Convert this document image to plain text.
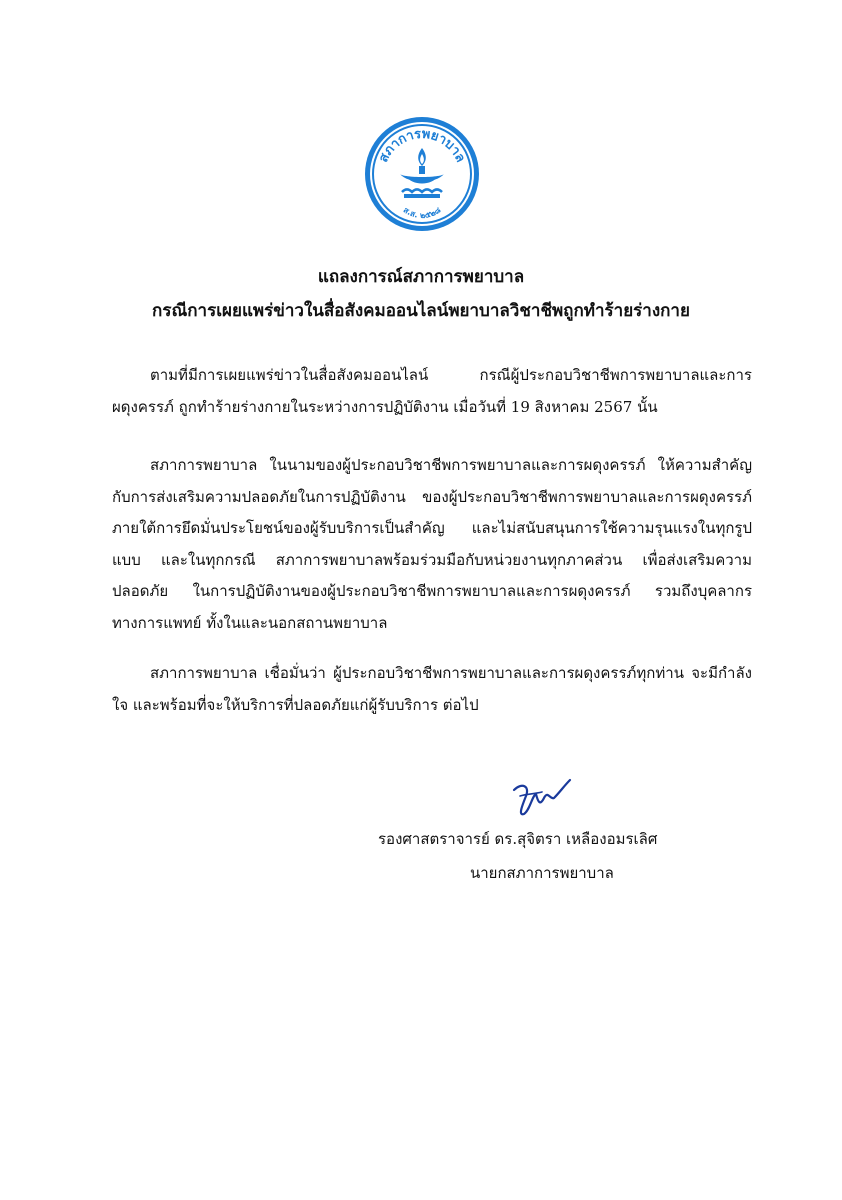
สภาการพยาบาล
ส.ส. ๒๕๒๘
แถลงการณ์สภาการพยาบาล
กรณีการเผยแพร่ข่าวในสื่อสังคมออนไลน์พยาบาลวิชาชีพถูกทำร้ายร่างกาย

ตามที่มีการเผยแพร่ข่าวในสื่อสังคมออนไลน์ กรณีผู้ประกอบวิชาชีพการพยาบาลและการผดุงครรภ์ ถูกทำร้ายร่างกายในระหว่างการปฏิบัติงาน เมื่อวันที่ 19 สิงหาคม 2567 นั้น

สภาการพยาบาล ในนามของผู้ประกอบวิชาชีพการพยาบาลและการผดุงครรภ์ ให้ความสำคัญกับการส่งเสริมความปลอดภัยในการปฏิบัติงาน ของผู้ประกอบวิชาชีพการพยาบาลและการผดุงครรภ์ ภายใต้การยึดมั่นประโยชน์ของผู้รับบริการเป็นสำคัญ และไม่สนับสนุนการใช้ความรุนแรงในทุกรูปแบบ และในทุกกรณี สภาการพยาบาลพร้อมร่วมมือกับหน่วยงานทุกภาคส่วน เพื่อส่งเสริมความปลอดภัย ในการปฏิบัติงานของผู้ประกอบวิชาชีพการพยาบาลและการผดุงครรภ์ รวมถึงบุคลากรทางการแพทย์ ทั้งในและนอกสถานพยาบาล

สภาการพยาบาล เชื่อมั่นว่า ผู้ประกอบวิชาชีพการพยาบาลและการผดุงครรภ์ทุกท่าน จะมีกำลังใจ และพร้อมที่จะให้บริการที่ปลอดภัยแก่ผู้รับบริการ ต่อไป

รองศาสตราจารย์ ดร.สุจิตรา เหลืองอมรเลิศ
นายกสภาการพยาบาล
